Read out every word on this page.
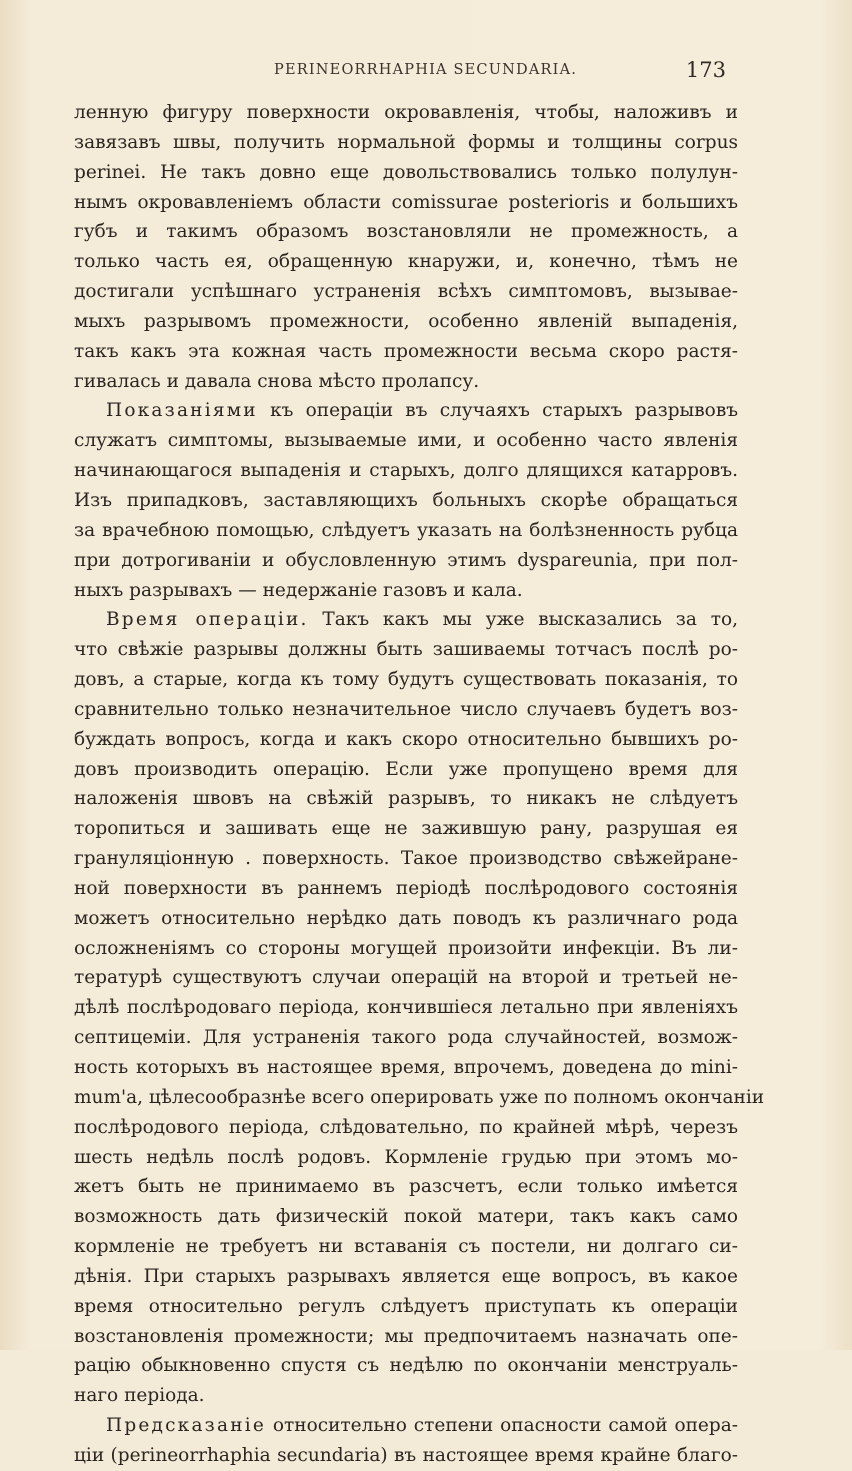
PERINEORRHAPHIA SECUNDARIA.	173
ленную фигуру поверхности окровавленія, чтобы, наложивъ и
завязавъ швы, получить нормальной формы и толщины corpus
perinei. Не такъ довно еще довольствовались только полулун-
нымъ окровавленіемъ области comissurae posterioris и большихъ
губъ и такимъ образомъ возстановляли не промежность, а
только часть ея, обращенную кнаружи, и, конечно, тѣмъ не
достигали успѣшнаго устраненія всѣхъ симптомовъ, вызывае-
мыхъ разрывомъ промежности, особенно явленій выпаденія,
такъ какъ эта кожная часть промежности весьма скоро растя-
гивалась и давала снова мѣсто пролапсу.
Показаніями къ операціи въ случаяхъ старыхъ разрывовъ
служатъ симптомы, вызываемые ими, и особенно часто явленія
начинающагося выпаденія и старыхъ, долго длящихся катарровъ.
Изъ припадковъ, заставляющихъ больныхъ скорѣе обращаться
за врачебною помощью, слѣдуетъ указать на болѣзненность рубца
при дотрогиваніи и обусловленную этимъ dyspareunia, при пол-
ныхъ разрывахъ — недержаніе газовъ и кала.
Время операціи. Такъ какъ мы уже высказались за то,
что свѣжіе разрывы должны быть зашиваемы тотчасъ послѣ ро-
довъ, а старые, когда къ тому будутъ существовать показанія, то
сравнительно только незначительное число случаевъ будетъ воз-
буждать вопросъ, когда и какъ скоро относительно бывшихъ ро-
довъ производить операцію. Если уже пропущено время для
наложенія швовъ на свѣжій разрывъ, то никакъ не слѣдуетъ
торопиться и зашивать еще не зажившую рану, разрушая ея
грануляціонную . поверхность. Такое производство свѣжейране-
ной поверхности въ раннемъ періодѣ послѣродового состоянія
можетъ относительно нерѣдко дать поводъ къ различнаго рода
осложненіямъ со стороны могущей произойти инфекціи. Въ ли-
тературѣ существуютъ случаи операцій на второй и третьей не-
дѣлѣ послѣродоваго періода, кончившіеся летально при явленіяхъ
септицеміи. Для устраненія такого рода случайностей, возмож-
ность которыхъ въ настоящее время, впрочемъ, доведена до mini-
mum'a, цѣлесообразнѣе всего оперировать уже по полномъ окончаніи
послѣродового періода, слѣдовательно, по крайней мѣрѣ, черезъ
шесть недѣль послѣ родовъ. Кормленіе грудью при этомъ мо-
жетъ быть не принимаемо въ разсчетъ, если только имѣется
возможность дать физическій покой матери, такъ какъ само
кормленіе не требуетъ ни вставанія съ постели, ни долгаго си-
дѣнія. При старыхъ разрывахъ является еще вопросъ, въ какое
время относительно регулъ слѣдуетъ приступать къ операціи
возстановленія промежности; мы предпочитаемъ назначать опе-
рацію обыкновенно спустя съ недѣлю по окончаніи менструаль-
наго періода.
Предсказаніе относительно степени опасности самой опера-
ціи (perineorrhaphia secundaria) въ настоящее время крайне благо-
